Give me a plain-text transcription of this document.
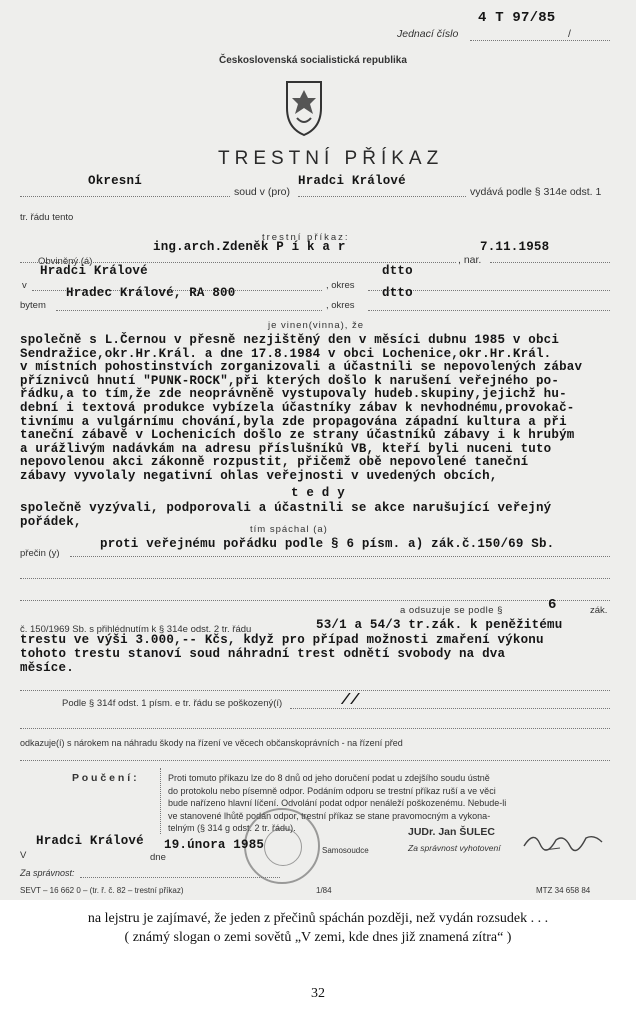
4 T 97/85
Jednací číslo	/
Československá socialistická republika
TRESTNÍ PŘÍKAZ
Okresní	Hradci Králové
soud v (pro)	vydává podle § 314e odst. 1
tr. řádu tento
trestní příkaz:
ing.arch.Zdeněk P í k a r	7.11.1958
Obviněný (á)	, nar.
Hradci Králové	dtto
v	, okres
Hradec Králové, RA 800	dtto
bytem	, okres
je vinen(vinna), že
společně s L.Černou v přesně nezjištěný den v měsíci dubnu 1985 v obci
Sendražice,okr.Hr.Král. a dne 17.8.1984 v obci Lochenice,okr.Hr.Král.
v místních pohostinstvích zorganizovali a účastnili se nepovolených zábav
příznivců hnutí "PUNK-ROCK",při kterých došlo k narušení veřejného po-
řádku,a to tím,že zde neoprávněně vystupovaly hudeb.skupiny,jejichž hu-
dební i textová produkce vybízela účastníky zábav k nevhodnému,provokač-
tivnímu a vulgárnímu chování,byla zde propagována západní kultura a při
taneční zábavě v Lochenicích došlo ze strany účastníků zábavy i k hrubým
a urážlivým nadávkám na adresu příslušníků VB, kteří byli nuceni tuto
nepovolenou akci zákonně rozpustit, přičemž obě nepovolené taneční
zábavy vyvolaly negativní ohlas veřejnosti v uvedených obcích,
t e d y
společně vyzývali, podporovali a účastnili se akce narušující veřejný
pořádek,
tím spáchal (a)
proti veřejnému pořádku podle § 6 písm. a) zák.č.150/69 Sb.
přečin (y)
a odsuzuje se podle §	6	zák.
č. 150/1969 Sb. s přihlédnutím k § 314e odst. 2 tr. řádu	53/1 a 54/3 tr.zák. k peněžitému
trestu ve výši 3.000,-- Kčs, když pro případ možnosti zmaření výkonu
tohoto trestu stanoví soud náhradní trest odnětí svobody na dva
měsíce.
Podle § 314f odst. 1 písm. e tr. řádu se poškozený(í)	//
odkazuje(í) s nárokem na náhradu škody na řízení ve věcech občanskoprávních - na řízení před
P o u č e n í :	Proti tomuto příkazu lze do 8 dnů od jeho doručení podat u zdejšího soudu ústně
do protokolu nebo písemně odpor. Podáním odporu se trestní příkaz ruší a ve věci
bude nařízeno hlavní líčení. Odvolání podat odpor nenáleží poškozenému. Nebude-li
ve stanovené lhůtě podán odpor, trestní příkaz se stane pravomocným a vykona-
telným (§ 314 g odst. 2 tr. řádu).
Hradci Králové
V
19.února 1985
dne
Samosoudce
JUDr. Jan ŠULEC
Za správnost vyhotovení
Za správnost:
SEVT – 16 662 0 – (tr. ř. č. 82 – trestní příkaz)	1/84	MTZ 34 658 84
na lejstru je zajímavé, že jeden z přečinů spáchán později, než vydán rozsudek . . .
( známý slogan o zemi sovětů „V zemi, kde dnes již znamená zítra“ )
32
